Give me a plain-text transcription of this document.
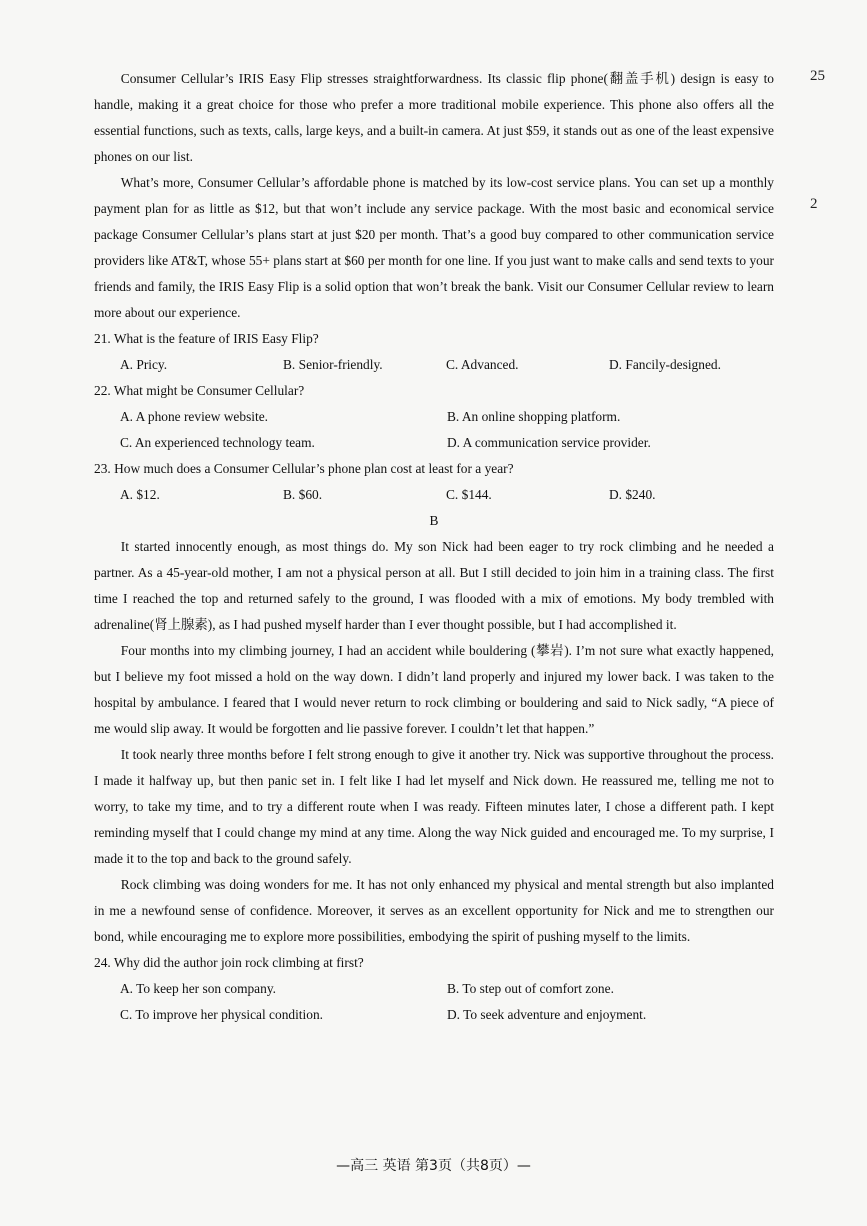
25
2

Consumer Cellular’s IRIS Easy Flip stresses straightforwardness. Its classic flip phone(翻盖手机) design is easy to handle, making it a great choice for those who prefer a more traditional mobile experience. This phone also offers all the essential functions, such as texts, calls, large keys, and a built-in camera. At just $59, it stands out as one of the least expensive phones on our list.

What’s more, Consumer Cellular’s affordable phone is matched by its low-cost service plans. You can set up a monthly payment plan for as little as $12, but that won’t include any service package. With the most basic and economical service package Consumer Cellular’s plans start at just $20 per month. That’s a good buy compared to other communication service providers like AT&T, whose 55+ plans start at $60 per month for one line. If you just want to make calls and send texts to your friends and family, the IRIS Easy Flip is a solid option that won’t break the bank. Visit our Consumer Cellular review to learn more about our experience.

21. What is the feature of IRIS Easy Flip?

A. Pricy.	B. Senior-friendly.	C. Advanced.	D. Fancily-designed.

22. What might be Consumer Cellular?

A. A phone review website.	B. An online shopping platform.
C. An experienced technology team.	D. A communication service provider.

23. How much does a Consumer Cellular’s phone plan cost at least for a year?

A. $12.	B. $60.	C. $144.	D. $240.

B

It started innocently enough, as most things do. My son Nick had been eager to try rock climbing and he needed a partner. As a 45-year-old mother, I am not a physical person at all. But I still decided to join him in a training class. The first time I reached the top and returned safely to the ground, I was flooded with a mix of emotions. My body trembled with adrenaline(肾上腺素), as I had pushed myself harder than I ever thought possible, but I had accomplished it.

Four months into my climbing journey, I had an accident while bouldering (攀岩). I’m not sure what exactly happened, but I believe my foot missed a hold on the way down. I didn’t land properly and injured my lower back. I was taken to the hospital by ambulance. I feared that I would never return to rock climbing or bouldering and said to Nick sadly, “A piece of me would slip away. It would be forgotten and lie passive forever. I couldn’t let that happen.”

It took nearly three months before I felt strong enough to give it another try. Nick was supportive throughout the process. I made it halfway up, but then panic set in. I felt like I had let myself and Nick down. He reassured me, telling me not to worry, to take my time, and to try a different route when I was ready. Fifteen minutes later, I chose a different path. I kept reminding myself that I could change my mind at any time. Along the way Nick guided and encouraged me. To my surprise, I made it to the top and back to the ground safely.

Rock climbing was doing wonders for me. It has not only enhanced my physical and mental strength but also implanted in me a newfound sense of confidence. Moreover, it serves as an excellent opportunity for Nick and me to strengthen our bond, while encouraging me to explore more possibilities, embodying the spirit of pushing myself to the limits.

24. Why did the author join rock climbing at first?

A. To keep her son company.	B. To step out of comfort zone.
C. To improve her physical condition.	D. To seek adventure and enjoyment.
—高三 英语 第3页（共8页）—
